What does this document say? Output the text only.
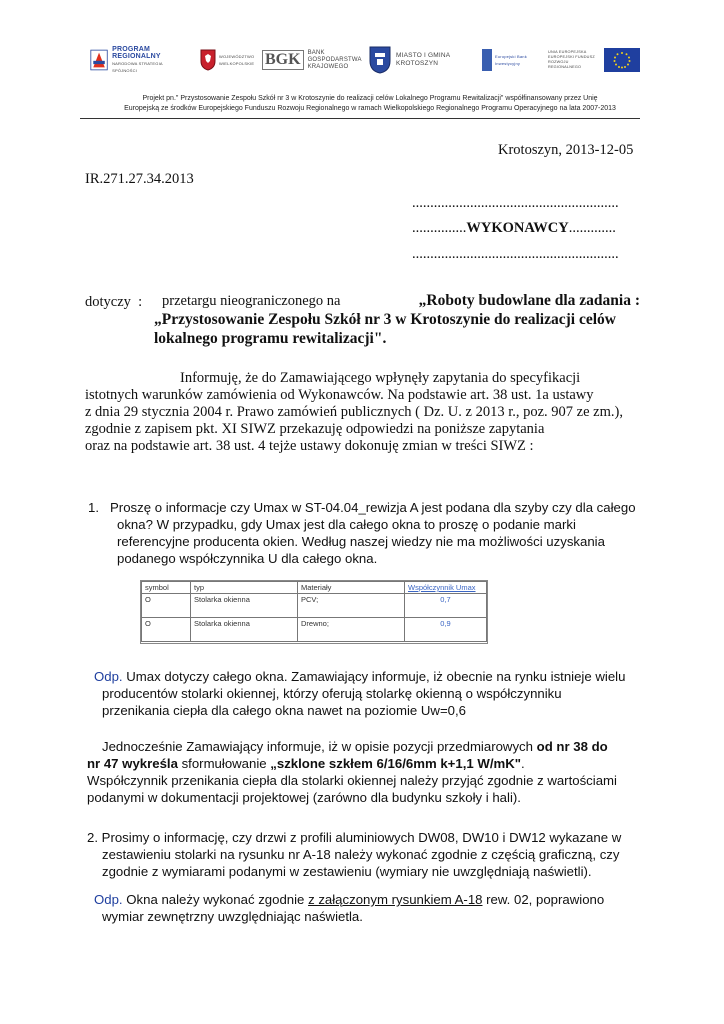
PROGRAM REGIONALNY
NARODOWA STRATEGIA SPÓJNOŚCI
WOJEWÓDZTWO WIELKOPOLSKIE BGK	BANK GOSPODARSTWA KRAJOWEGO
MIASTO I GMINA KROTOSZYN
Europejski Bank Inwestycyjny
UNIA EUROPEJSKA EUROPEJSKI FUNDUSZ ROZWOJU REGIONALNEGO
Projekt pn." Przystosowanie Zespołu Szkół nr 3 w Krotoszynie do realizacji celów Lokalnego Programu Rewitalizacji" współfinansowany przez Unię
Europejską ze środków Europejskiego Funduszu Rozwoju Regionalnego w ramach Wielkopolskiego Regionalnego Programu Operacyjnego na lata 2007-2013
Krotoszyn, 2013-12-05
IR.271.27.34.2013
.........................................................
...............WYKONAWCY.............
.........................................................
dotyczy : przetargu nieograniczonego na	„Roboty budowlane dla zadania :
„Przystosowanie Zespołu Szkół nr 3 w Krotoszynie do realizacji celów
lokalnego programu rewitalizacji".
Informuję, że do Zamawiającego wpłynęły zapytania do specyfikacji
istotnych warunków zamówienia od Wykonawców. Na podstawie art. 38 ust. 1a ustawy
z dnia 29 stycznia 2004 r. Prawo zamówień publicznych ( Dz. U. z 2013 r., poz. 907 ze zm.),
zgodnie z zapisem pkt. XI SIWZ przekazuję odpowiedzi na poniższe zapytania
oraz na podstawie art. 38 ust. 4 tejże ustawy dokonuję zmian w treści SIWZ :
1. Proszę o informacje czy Umax w ST-04.04_rewizja A jest podana dla szyby czy dla całego
okna? W przypadku, gdy Umax jest dla całego okna to proszę o podanie marki
referencyjne producenta okien. Według naszej wiedzy nie ma możliwości uzyskania
podanego współczynnika U dla całego okna.
symbol	typ	Materiały	Współczynnik Umax
O	Stolarka okienna	PCV;	0,7
O	Stolarka okienna	Drewno;	0,9
Odp. Umax dotyczy całego okna. Zamawiający informuje, iż obecnie na rynku istnieje wielu
producentów stolarki okiennej, którzy oferują stolarkę okienną o współczynniku
przenikania ciepła dla całego okna nawet na poziomie Uw=0,6
Jednocześnie Zamawiający informuje, iż w opisie pozycji przedmiarowych od nr 38 do
nr 47 wykreśla sformułowanie „szklone szkłem 6/16/6mm k+1,1 W/mK".
Współczynnik przenikania ciepła dla stolarki okiennej należy przyjąć zgodnie z wartościami
podanymi w dokumentacji projektowej (zarówno dla budynku szkoły i hali).
2. Prosimy o informację, czy drzwi z profili aluminiowych DW08, DW10 i DW12 wykazane w
zestawieniu stolarki na rysunku nr A-18 należy wykonać zgodnie z częścią graficzną, czy
zgodnie z wymiarami podanymi w zestawieniu (wymiary nie uwzględniają naświetli).
Odp. Okna należy wykonać zgodnie z załączonym rysunkiem A-18 rew. 02, poprawiono
wymiar zewnętrzny uwzględniając naświetla.
